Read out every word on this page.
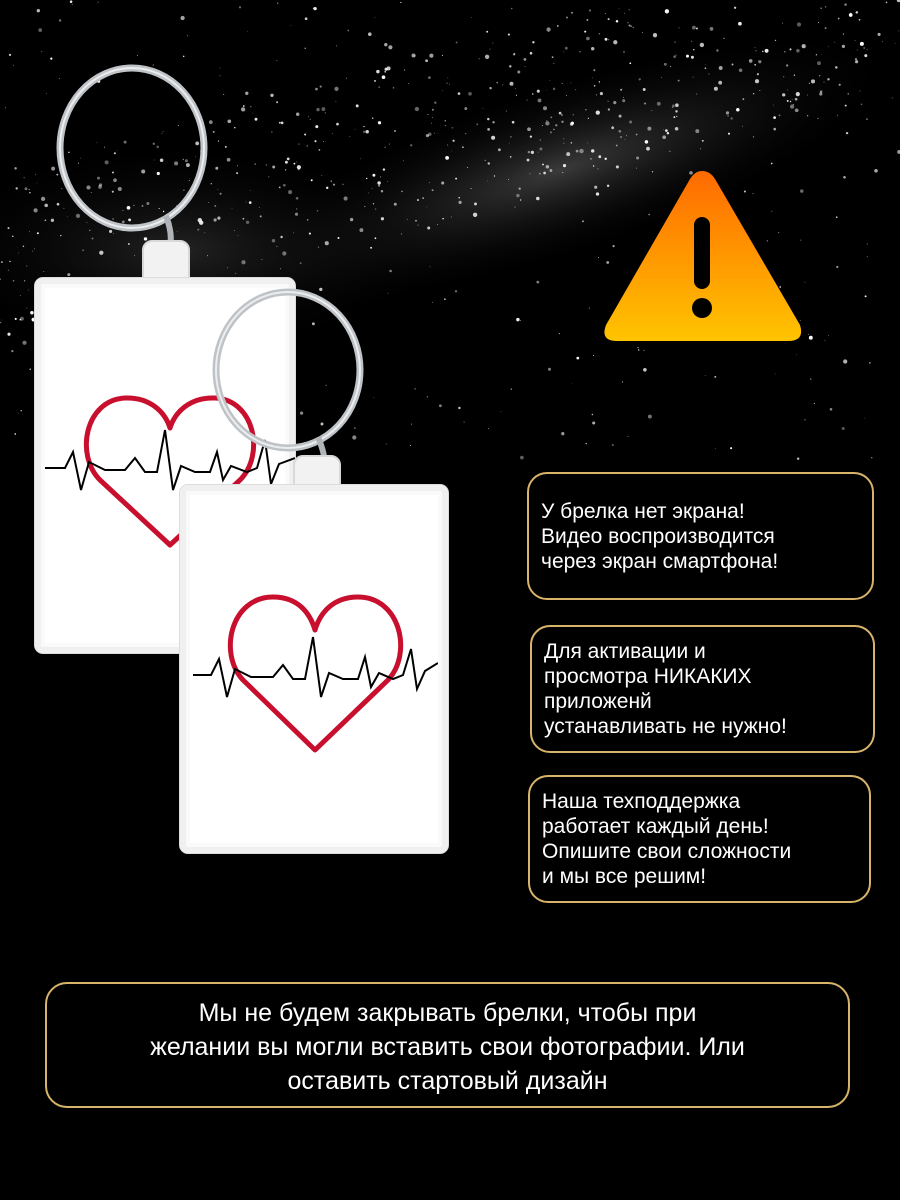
У брелка нет экрана!
Видео воспроизводится
через экран смартфона!
Для активации и
просмотра НИКАКИХ
приложенй
устанавливать не нужно!
Наша техподдержка
работает каждый день!
Опишите свои сложности
и мы все решим!
Мы не будем закрывать брелки, чтобы при
желании вы могли вставить свои фотографии. Или
оставить стартовый дизайн
